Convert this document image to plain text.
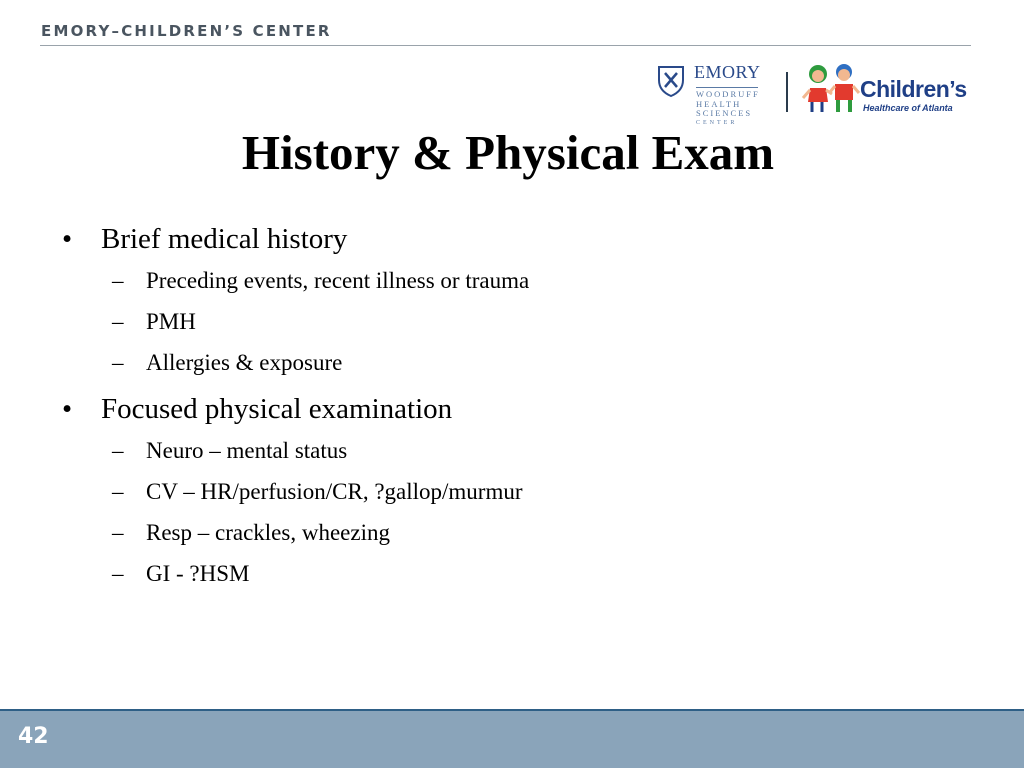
EMORY–CHILDREN’S CENTER
EMORY
WOODRUFF
HEALTH
SCIENCES
CENTER
Children’s
Healthcare of Atlanta
History & Physical Exam
• Brief medical history
– Preceding events, recent illness or trauma
– PMH
– Allergies & exposure
• Focused physical examination
– Neuro – mental status
– CV – HR/perfusion/CR, ?gallop/murmur
– Resp – crackles, wheezing
– GI - ?HSM
42
